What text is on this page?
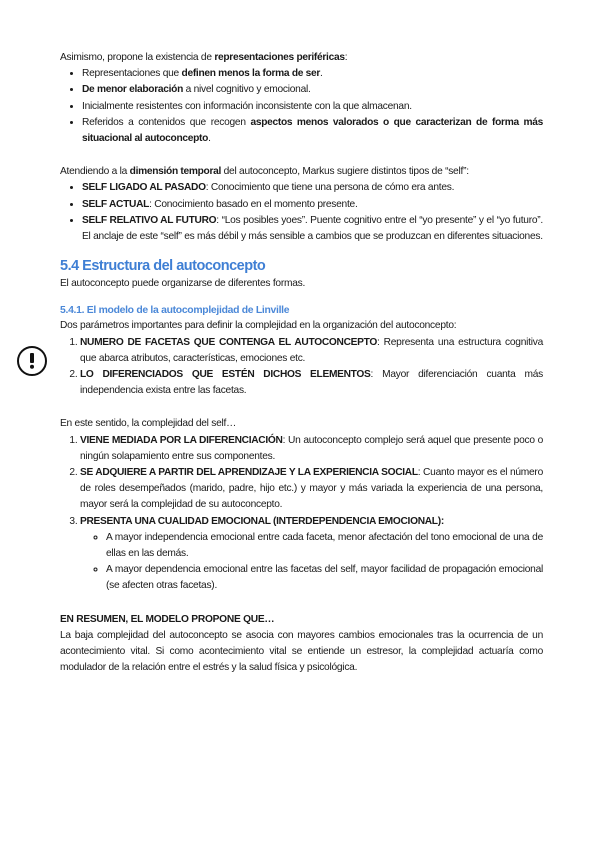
Asimismo, propone la existencia de representaciones periféricas:

• Representaciones que definen menos la forma de ser.
• De menor elaboración a nivel cognitivo y emocional.
• Inicialmente resistentes con información inconsistente con la que almacenan.
• Referidos a contenidos que recogen aspectos menos valorados o que caracterizan de forma más situacional al autoconcepto.

Atendiendo a la dimensión temporal del autoconcepto, Markus sugiere distintos tipos de “self”:

• SELF LIGADO AL PASADO: Conocimiento que tiene una persona de cómo era antes.
• SELF ACTUAL: Conocimiento basado en el momento presente.
• SELF RELATIVO AL FUTURO: “Los posibles yoes”. Puente cognitivo entre el “yo presente” y el “yo futuro”. El anclaje de este “self” es más débil y más sensible a cambios que se produzcan en diferentes situaciones.
5.4 Estructura del autoconcepto

El autoconcepto puede organizarse de diferentes formas.

5.4.1. El modelo de la autocomplejidad de Linville

Dos parámetros importantes para definir la complejidad en la organización del autoconcepto:

1. NUMERO DE FACETAS QUE CONTENGA EL AUTOCONCEPTO: Representa una estructura cognitiva que abarca atributos, características, emociones etc.
2. LO DIFERENCIADOS QUE ESTÉN DICHOS ELEMENTOS: Mayor diferenciación cuanta más independencia exista entre las facetas.

En este sentido, la complejidad del self…

1. VIENE MEDIADA POR LA DIFERENCIACIÓN: Un autoconcepto complejo será aquel que presente poco o ningún solapamiento entre sus componentes.
2. SE ADQUIERE A PARTIR DEL APRENDIZAJE Y LA EXPERIENCIA SOCIAL: Cuanto mayor es el número de roles desempeñados (marido, padre, hijo etc.) y mayor y más variada la experiencia de una persona, mayor será la complejidad de su autoconcepto.
3. PRESENTA UNA CUALIDAD EMOCIONAL (INTERDEPENDENCIA EMOCIONAL):
◦ A mayor independencia emocional entre cada faceta, menor afectación del tono emocional de una de ellas en las demás.
◦ A mayor dependencia emocional entre las facetas del self, mayor facilidad de propagación emocional (se afecten otras facetas).

EN RESUMEN, EL MODELO PROPONE QUE…

La baja complejidad del autoconcepto se asocia con mayores cambios emocionales tras la ocurrencia de un acontecimiento vital. Si como acontecimiento vital se entiende un estresor, la complejidad actuaría como modulador de la relación entre el estrés y la salud física y psicológica.
